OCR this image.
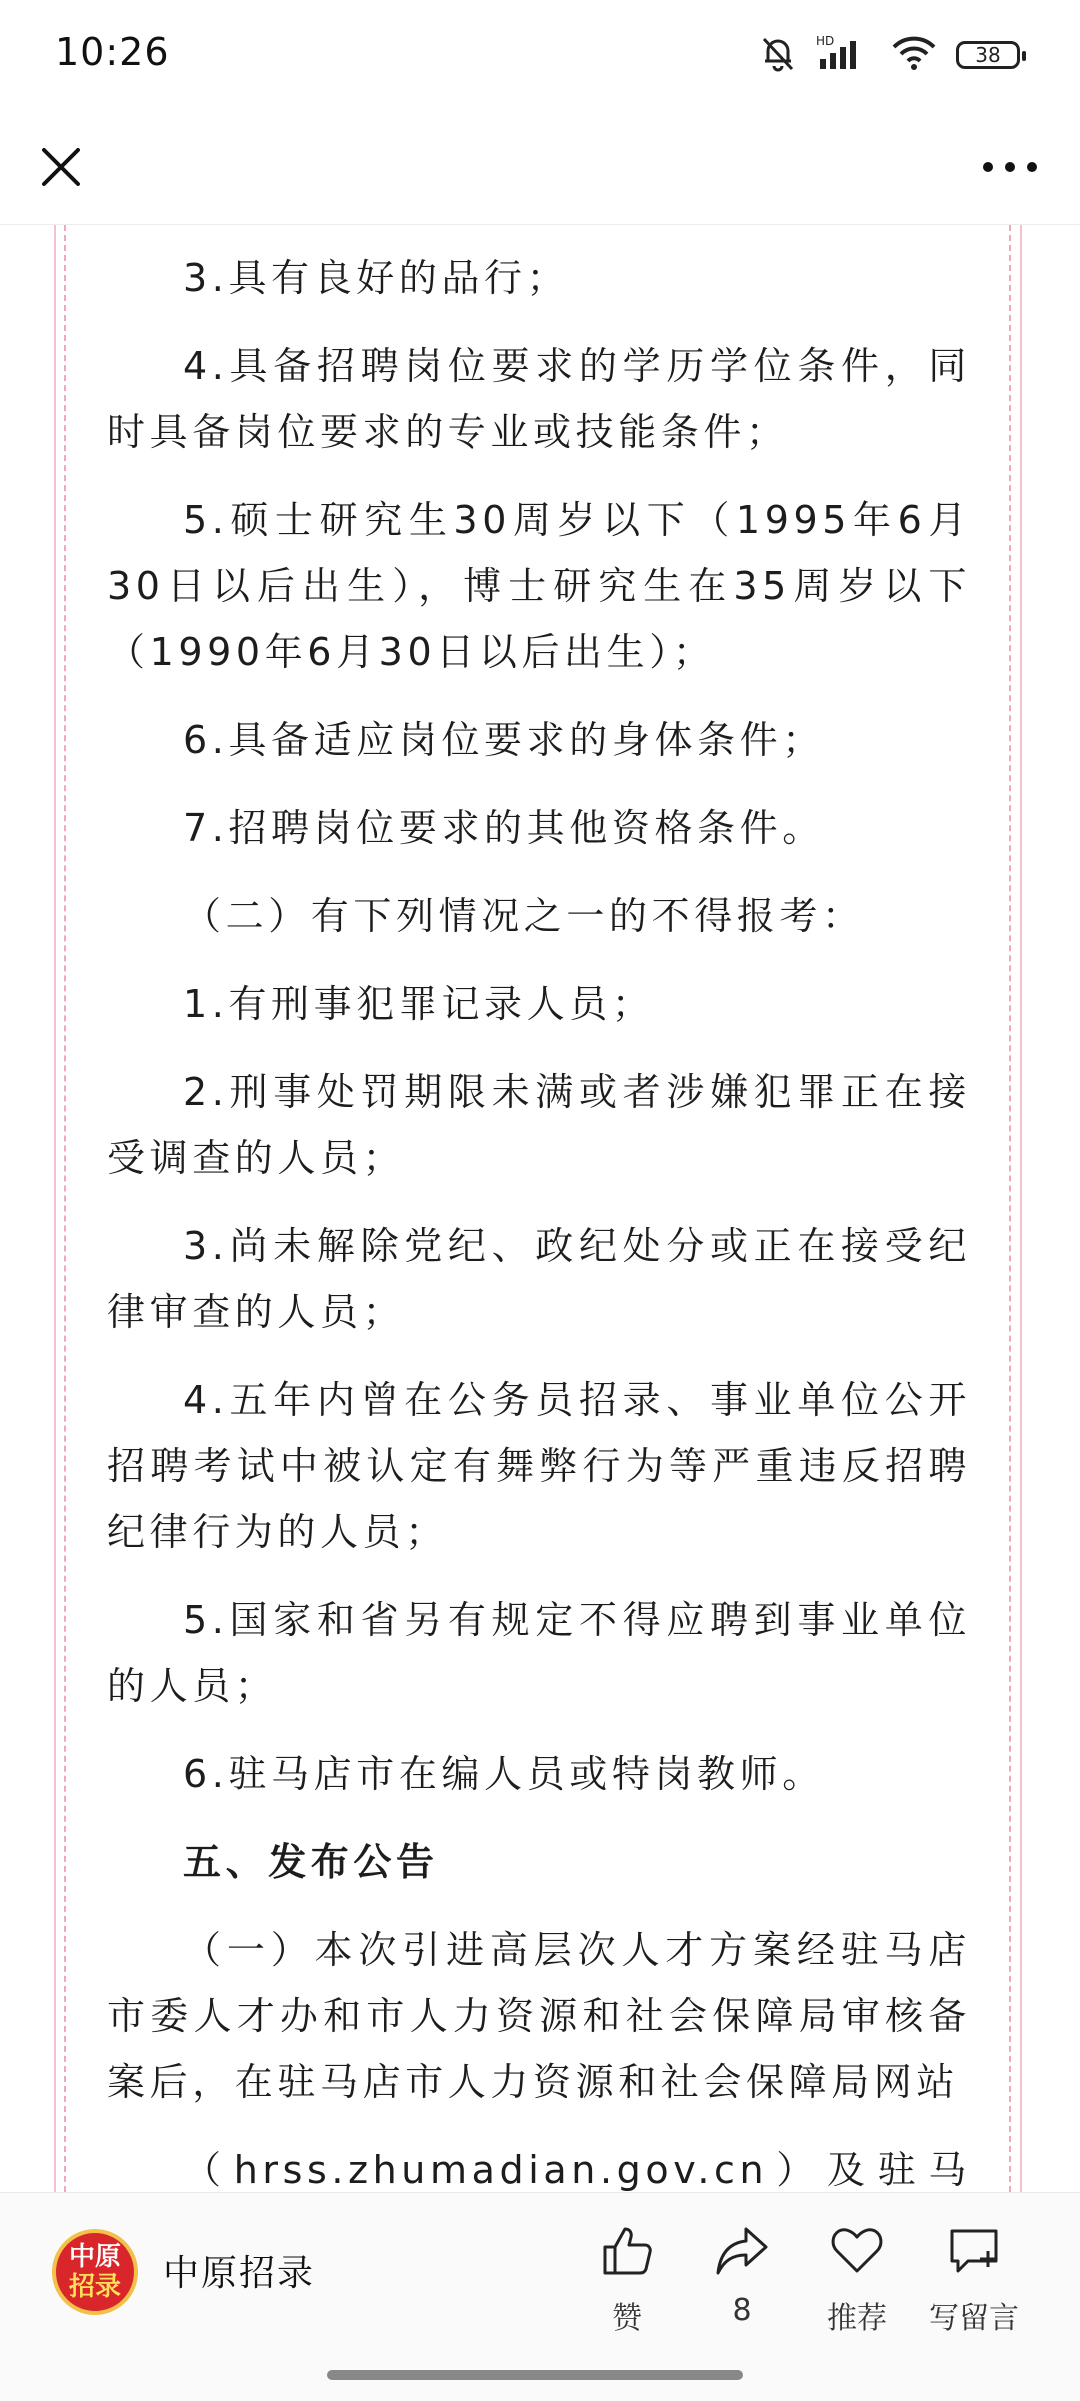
10:26	HD
38

3.具有良好的品行；

4.具备招聘岗位要求的学历学位条件，同时具备岗位要求的专业或技能条件；

5.硕士研究生30周岁以下（1995年6月30日以后出生），博士研究生在35周岁以下（1990年6月30日以后出生）；

6.具备适应岗位要求的身体条件；

7.招聘岗位要求的其他资格条件。

（二）有下列情况之一的不得报考：

1.有刑事犯罪记录人员；

2.刑事处罚期限未满或者涉嫌犯罪正在接受调查的人员；

3.尚未解除党纪、政纪处分或正在接受纪律审查的人员；

4.五年内曾在公务员招录、事业单位公开招聘考试中被认定有舞弊行为等严重违反招聘纪律行为的人员；

5.国家和省另有规定不得应聘到事业单位的人员；

6.驻马店市在编人员或特岗教师。

五、发布公告

（一）本次引进高层次人才方案经驻马店市委人才办和市人力资源和社会保障局审核备案后，在驻马店市人力资源和社会保障局网站

（hrss.zhumadian.gov.cn）及驻马

中原
招录 中原招录
赞	8	推荐 写留言
